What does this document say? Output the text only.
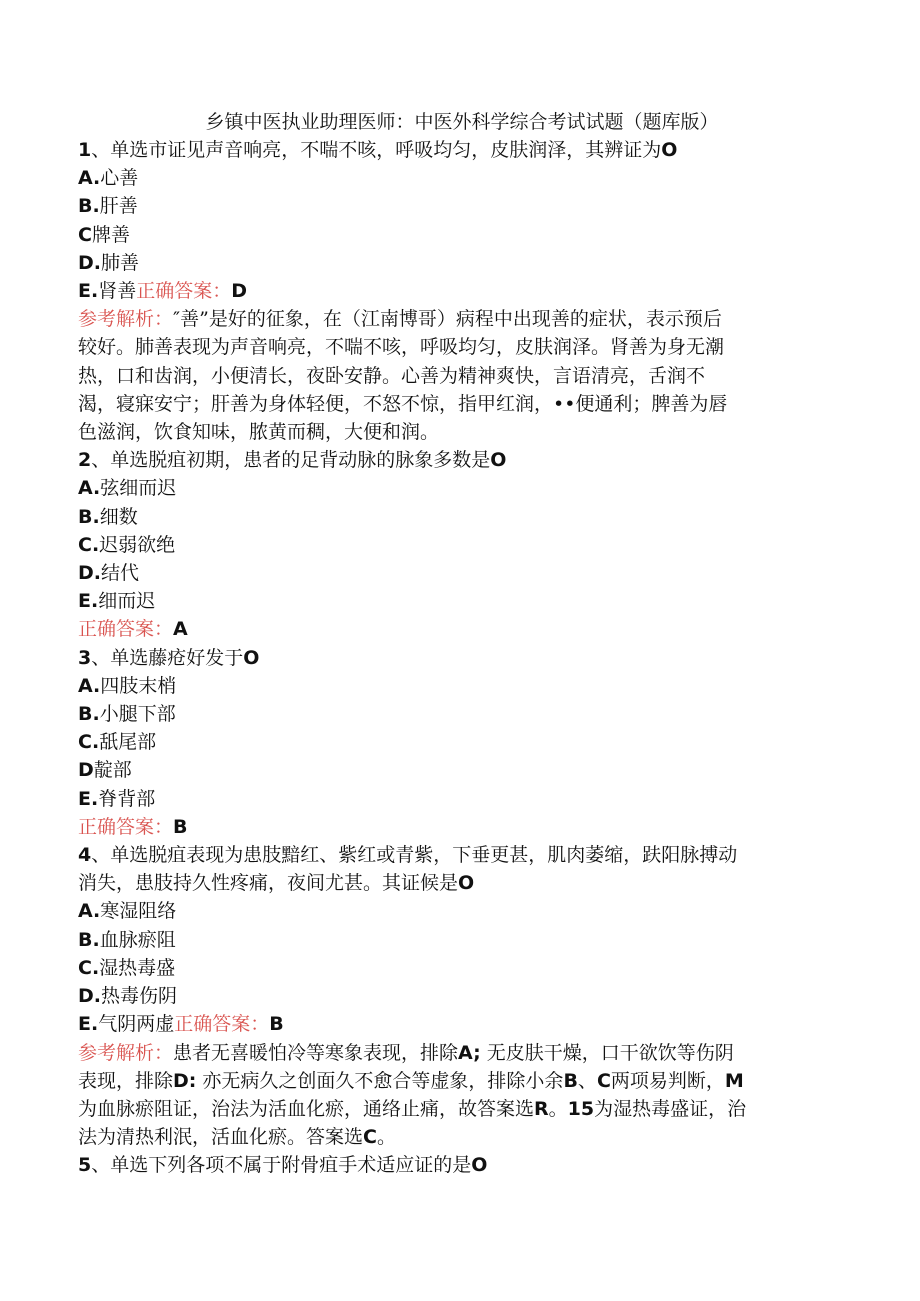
乡镇中医执业助理医师：中医外科学综合考试试题（题库版）
1、单选市证见声音响亮，不喘不咳，呼吸均匀，皮肤润泽，其辨证为O
A.心善
B.肝善
C牌善
D.肺善
E.肾善正确答案：D
参考解析：″善”是好的征象，在（江南博哥）病程中出现善的症状，表示预后
较好。肺善表现为声音响亮，不喘不咳，呼吸均匀，皮肤润泽。肾善为身无潮
热，口和齿润，小便清长，夜卧安静。心善为精神爽快，言语清亮，舌润不
渴，寝寐安宁；肝善为身体轻便，不怒不惊，指甲红润，••便通利；脾善为唇
色滋润，饮食知味，脓黄而稠，大便和润。
2、单选脱疽初期，患者的足背动脉的脉象多数是O
A.弦细而迟
B.细数
C.迟弱欲绝
D.结代
E.细而迟
正确答案：A
3、单选藤疮好发于O
A.四肢末梢
B.小腿下部
C.舐尾部
D靛部
E.脊背部
正确答案：B
4、单选脱疽表现为患肢黯红、紫红或青紫，下垂更甚，肌肉萎缩，趺阳脉搏动
消失，患肢持久性疼痛，夜间尤甚。其证候是O
A.寒湿阻络
B.血脉瘀阻
C.湿热毒盛
D.热毒伤阴
E.气阴两虚正确答案：B
参考解析：患者无喜暖怕冷等寒象表现，排除A; 无皮肤干燥，口干欲饮等伤阴
表现，排除D: 亦无病久之创面久不愈合等虚象，排除小余B、C两项易判断，M
为血脉瘀阻证，治法为活血化瘀，通络止痛，故答案选R。15为湿热毒盛证，治
法为清热利泯，活血化瘀。答案选C。
5、单选下列各项不属于附骨疽手术适应证的是O
